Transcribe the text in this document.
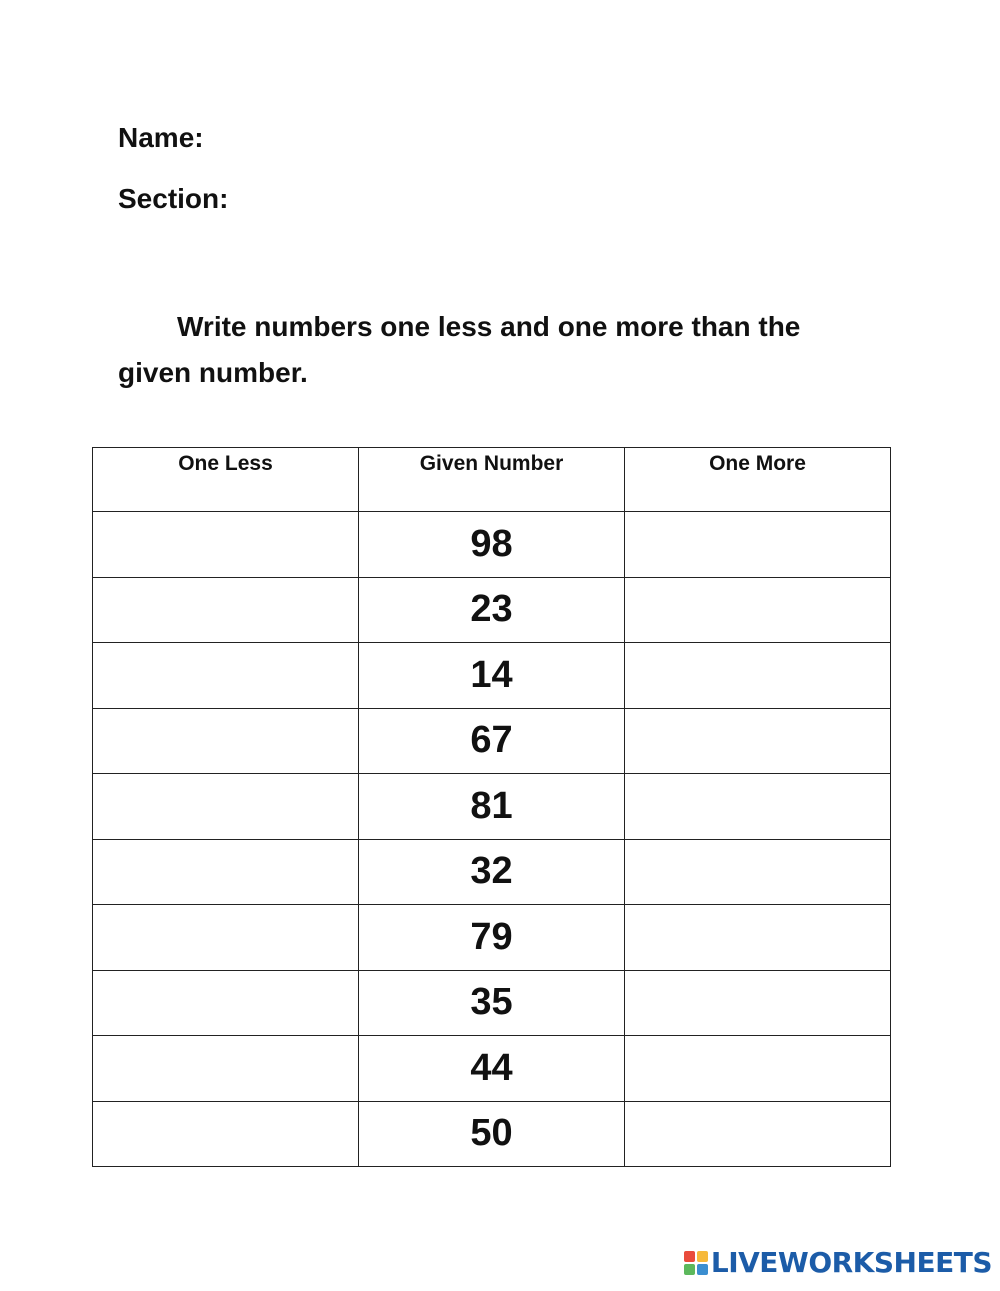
Name:
Section:
Write numbers one less and one more than the given number.
One Less	Given Number	One More
	98	
	23	
	14	
	67	
	81	
	32	
	79	
	35	
	44	
	50	
LIVEWORKSHEETS
